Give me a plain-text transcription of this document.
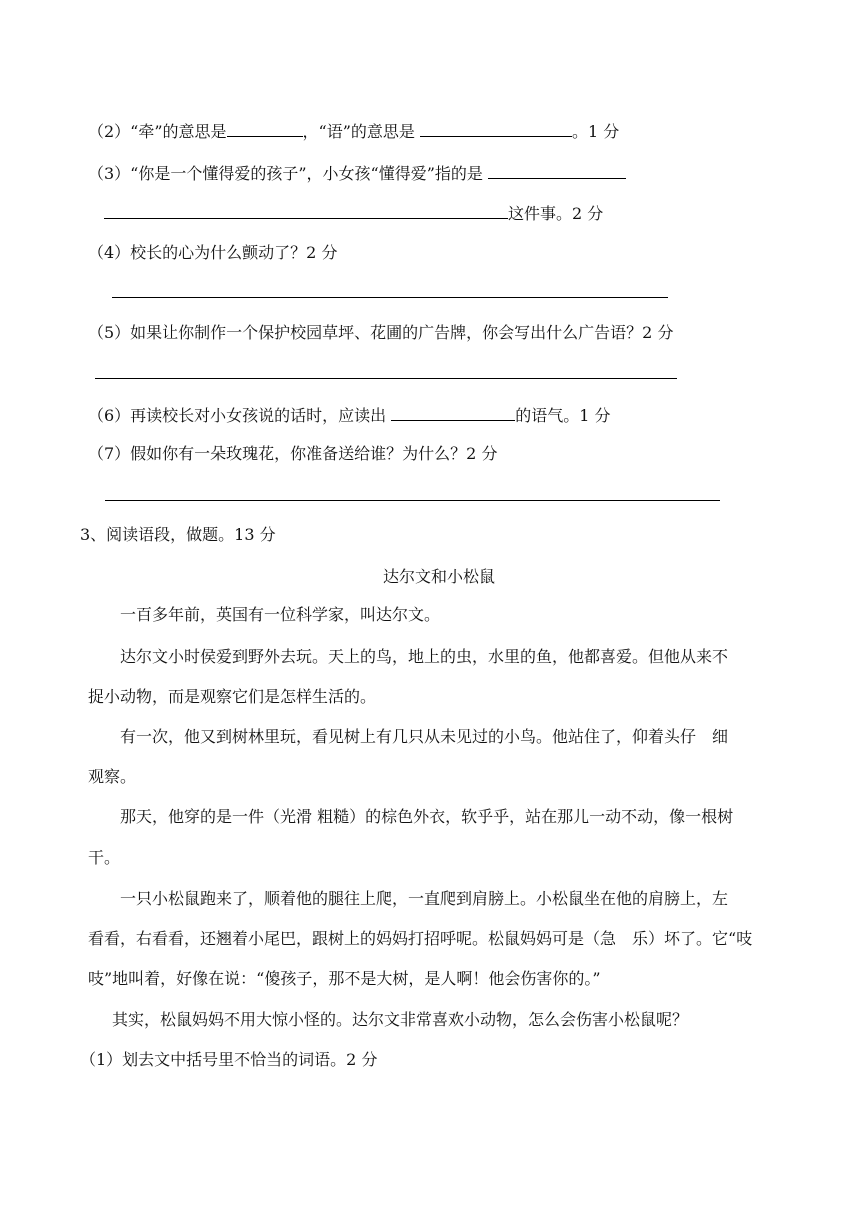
（2）“牵”的意思是	，“语”的意思是	。1 分
（3）“你是一个懂得爱的孩子”，小女孩“懂得爱”指的是
这件事。2 分
（4）校长的心为什么颤动了？2 分
（5）如果让你制作一个保护校园草坪、花圃的广告牌，你会写出什么广告语？2 分
（6）再读校长对小女孩说的话时，应读出	的语气。1 分
（7）假如你有一朵玫瑰花，你准备送给谁？为什么？2 分
3、阅读语段，做题。13 分
达尔文和小松鼠
一百多年前，英国有一位科学家，叫达尔文。
达尔文小时侯爱到野外去玩。天上的鸟，地上的虫，水里的鱼，他都喜爱。但他从来不
捉小动物，而是观察它们是怎样生活的。
有一次，他又到树林里玩，看见树上有几只从未见过的小鸟。他站住了，仰着头仔 细
观察。
那天，他穿的是一件（光滑 粗糙）的棕色外衣，软乎乎，站在那儿一动不动，像一根树
干。
一只小松鼠跑来了，顺着他的腿往上爬，一直爬到肩膀上。小松鼠坐在他的肩膀上，左
看看，右看看，还翘着小尾巴，跟树上的妈妈打招呼呢。松鼠妈妈可是（急 乐）坏了。它“吱
吱”地叫着，好像在说：“傻孩子，那不是大树，是人啊！他会伤害你的。”
其实，松鼠妈妈不用大惊小怪的。达尔文非常喜欢小动物，怎么会伤害小松鼠呢？
（1）划去文中括号里不恰当的词语。2 分
